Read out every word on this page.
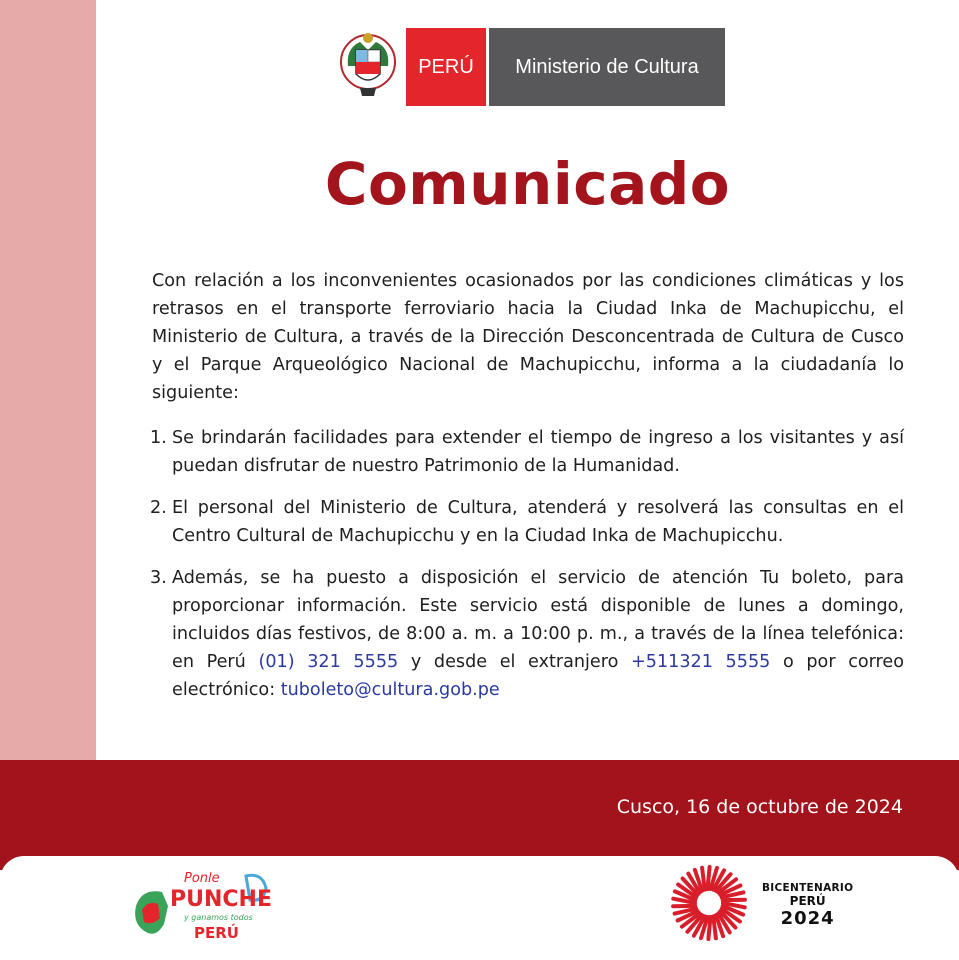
PERÚ	Ministerio de Cultura
Comunicado

Con relación a los inconvenientes ocasionados por las condiciones climáticas y los retrasos en el transporte ferroviario hacia la Ciudad Inka de Machupicchu, el Ministerio de Cultura, a través de la Dirección Desconcentrada de Cultura de Cusco y el Parque Arqueológico Nacional de Machupicchu, informa a la ciudadanía lo siguiente:

1. Se brindarán facilidades para extender el tiempo de ingreso a los visitantes y así puedan disfrutar de nuestro Patrimonio de la Humanidad.
2. El personal del Ministerio de Cultura, atenderá y resolverá las consultas en el Centro Cultural de Machupicchu y en la Ciudad Inka de Machupicchu.
3. Además, se ha puesto a disposición el servicio de atención Tu boleto, para proporcionar información. Este servicio está disponible de lunes a domingo, incluidos días festivos, de 8:00 a. m. a 10:00 p. m., a través de la línea telefónica: en Perú (01) 321 5555 y desde el extranjero +511321 5555 o por correo electrónico: tuboleto@cultura.gob.pe
Cusco, 16 de octubre de 2024
Ponle
PUNCHE
y ganamos todos
PERÚ
BICENTENARIO
PERÚ
2024
